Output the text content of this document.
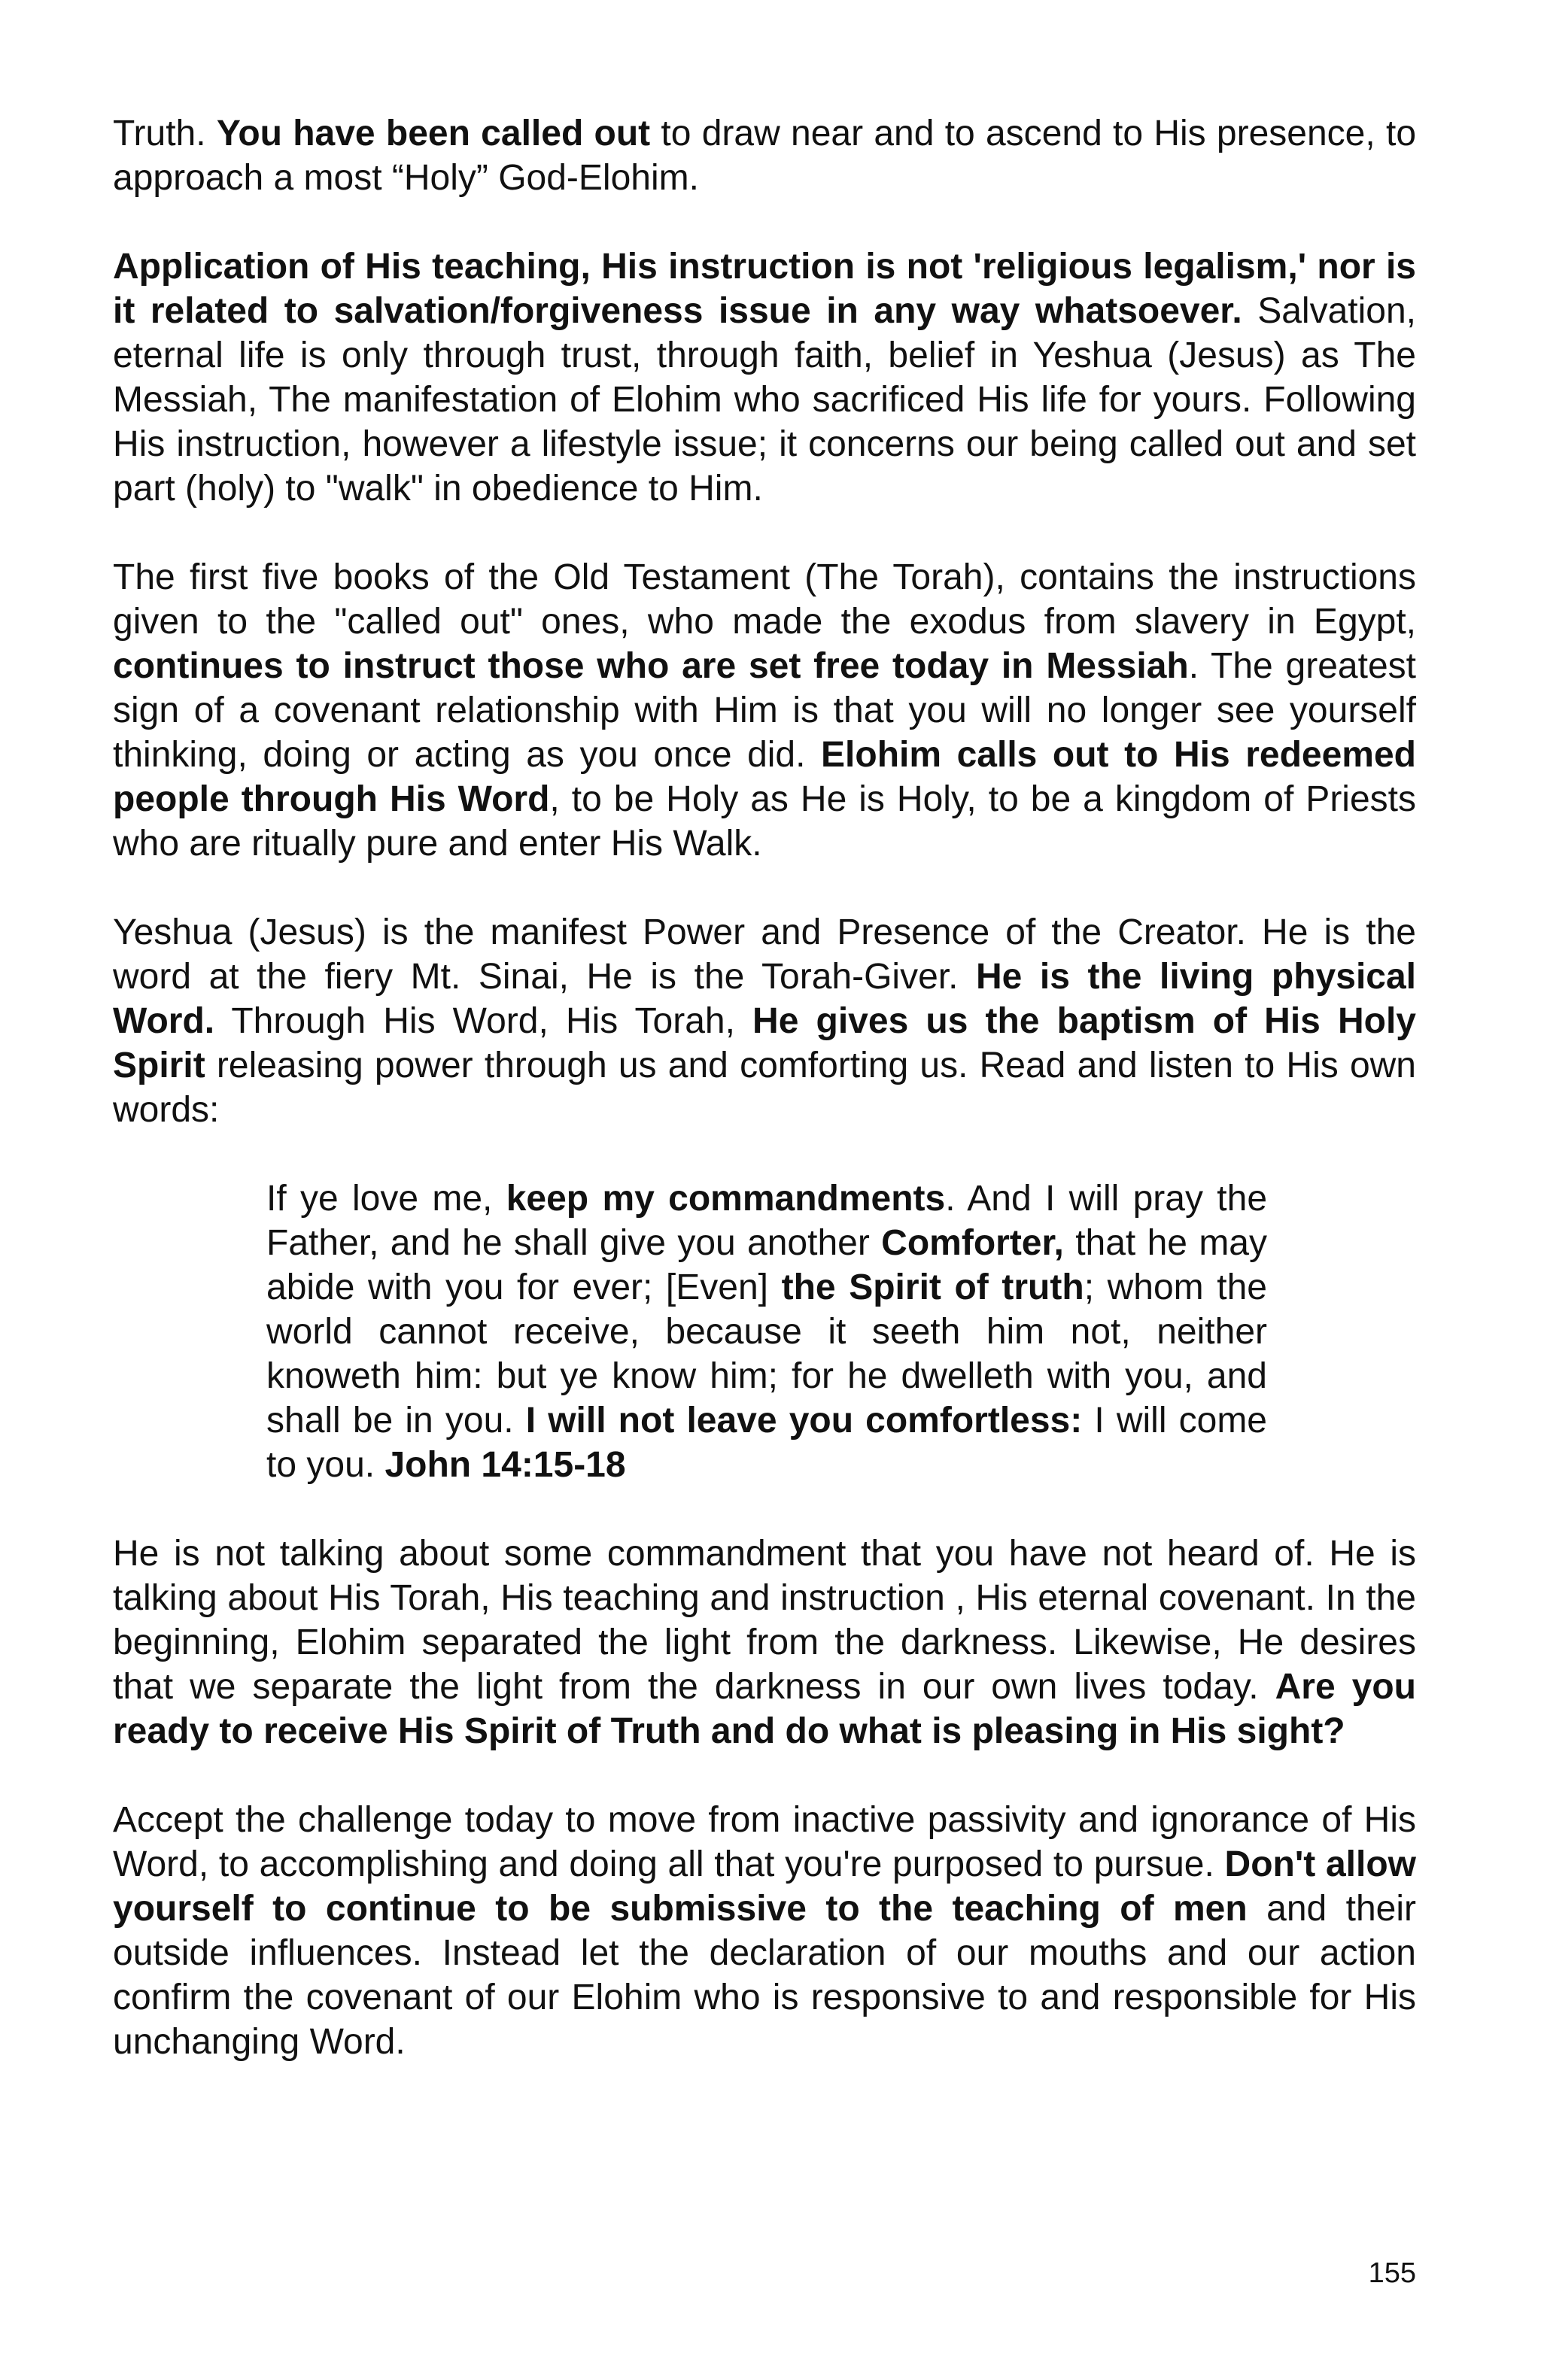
Truth. You have been called out to draw near and to ascend to His presence, to approach a most “Holy” God-Elohim.

Application of His teaching, His instruction is not 'religious legalism,' nor is it related to salvation/forgiveness issue in any way whatsoever. Salvation, eternal life is only through trust, through faith, belief in Yeshua (Jesus) as The Messiah, The manifestation of Elohim who sacrificed His life for yours. Following His instruction, however a lifestyle issue; it concerns our being called out and set part (holy) to "walk" in obedience to Him.

The first five books of the Old Testament (The Torah), contains the instructions given to the "called out" ones, who made the exodus from slavery in Egypt, continues to instruct those who are set free today in Messiah. The greatest sign of a covenant relationship with Him is that you will no longer see yourself thinking, doing or acting as you once did. Elohim calls out to His redeemed people through His Word, to be Holy as He is Holy, to be a kingdom of Priests who are ritually pure and enter His Walk.

Yeshua (Jesus) is the manifest Power and Presence of the Creator. He is the word at the fiery Mt. Sinai, He is the Torah-Giver. He is the living physical Word. Through His Word, His Torah, He gives us the baptism of His Holy Spirit releasing power through us and comforting us. Read and listen to His own words:

If ye love me, keep my commandments. And I will pray the Father, and he shall give you another Comforter, that he may abide with you for ever; [Even] the Spirit of truth; whom the world cannot receive, because it seeth him not, neither knoweth him: but ye know him; for he dwelleth with you, and shall be in you. I will not leave you comfortless: I will come to you. John 14:15-18

He is not talking about some commandment that you have not heard of. He is talking about His Torah, His teaching and instruction , His eternal covenant. In the beginning, Elohim separated the light from the darkness. Likewise, He desires that we separate the light from the darkness in our own lives today. Are you ready to receive His Spirit of Truth and do what is pleasing in His sight?

Accept the challenge today to move from inactive passivity and ignorance of His Word, to accomplishing and doing all that you're purposed to pursue. Don't allow yourself to continue to be submissive to the teaching of men and their outside influences. Instead let the declaration of our mouths and our action confirm the covenant of our Elohim who is responsive to and responsible for His unchanging Word.

155
